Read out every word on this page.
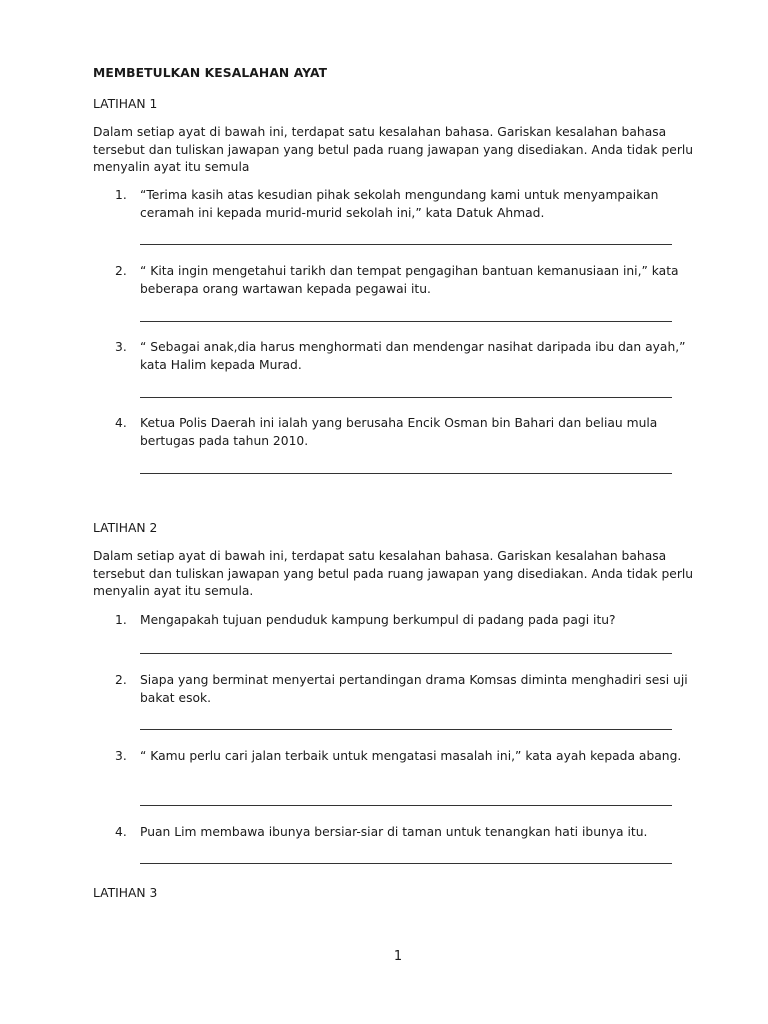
MEMBETULKAN KESALAHAN AYAT
LATIHAN 1
Dalam setiap ayat di bawah ini, terdapat satu kesalahan bahasa. Gariskan kesalahan bahasa tersebut dan tuliskan jawapan yang betul pada ruang jawapan yang disediakan. Anda tidak perlu menyalin ayat itu semula
1.	“Terima kasih atas kesudian pihak sekolah mengundang kami untuk menyampaikan ceramah ini kepada murid-murid sekolah ini,” kata Datuk Ahmad.
2.	“ Kita ingin mengetahui tarikh dan tempat pengagihan bantuan kemanusiaan ini,” kata beberapa orang wartawan kepada pegawai itu.
3.	“ Sebagai anak,dia harus menghormati dan mendengar nasihat daripada ibu dan ayah,” kata Halim kepada Murad.
4.	Ketua Polis Daerah ini ialah yang berusaha Encik Osman bin Bahari dan beliau mula bertugas pada tahun 2010.
LATIHAN 2
Dalam setiap ayat di bawah ini, terdapat satu kesalahan bahasa. Gariskan kesalahan bahasa tersebut dan tuliskan jawapan yang betul pada ruang jawapan yang disediakan. Anda tidak perlu menyalin ayat itu semula.
1.	Mengapakah tujuan penduduk kampung berkumpul di padang pada pagi itu?
2.	Siapa yang berminat menyertai pertandingan drama Komsas diminta menghadiri sesi uji bakat esok.
3.	“ Kamu perlu cari jalan terbaik untuk mengatasi masalah ini,” kata ayah kepada abang.
4.	Puan Lim membawa ibunya bersiar-siar di taman untuk tenangkan hati ibunya itu.
LATIHAN 3
1
